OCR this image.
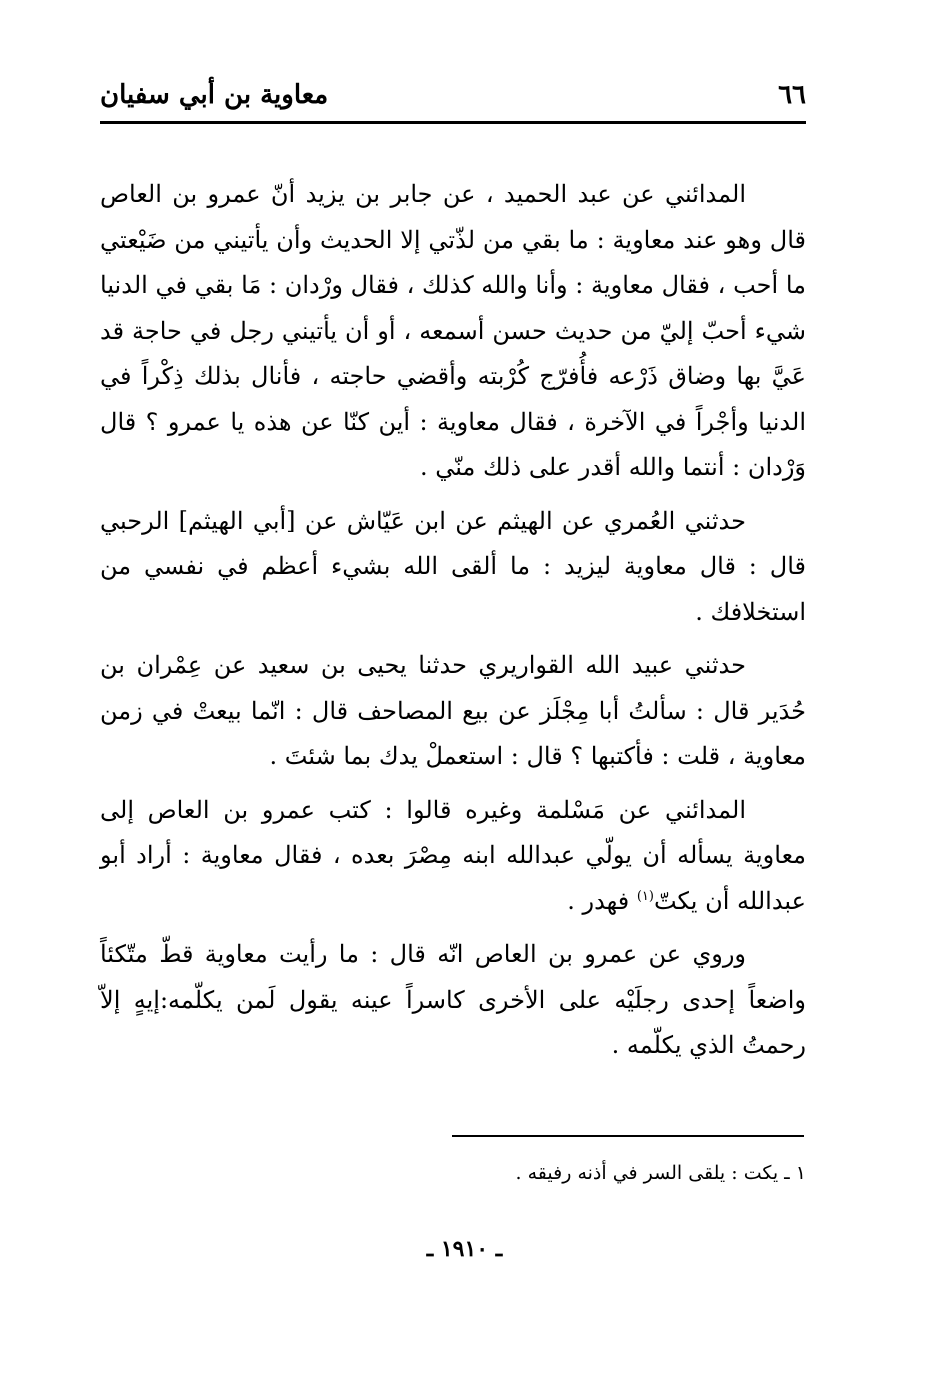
٦٦
معاوية بن أبي سفيان

المدائني عن عبد الحميد ، عن جابر بن يزيد أنّ عمرو بن العاص قال وهو عند معاوية : ما بقي من لذّتي إلا الحديث وأن يأتيني من ضَيْعتي ما أحب ، فقال معاوية : وأنا والله كذلك ، فقال ورْدان : مَا بقي في الدنيا شيء أحبّ إليّ من حديث حسن أسمعه ، أو أن يأتيني رجل في حاجة قد عَيَّ بها وضاق ذَرْعه فأُفرّج كُرْبته وأقضي حاجته ، فأنال بذلك ذِكْراً في الدنيا وأجْراً في الآخرة ، فقال معاوية : أين كنّا عن هذه يا عمرو ؟ قال وَرْدان : أنتما والله أقدر على ذلك منّي .

حدثني العُمري عن الهيثم عن ابن عَيّاش عن [أبي الهيثم] الرحبي قال : قال معاوية ليزيد : ما ألقى الله بشيء أعظم في نفسي من استخلافك .

حدثني عبيد الله القواريري حدثنا يحيى بن سعيد عن عِمْران بن حُدَير قال : سألتُ أبا مِجْلَز عن بيع المصاحف قال : انّما بيعتْ في زمن معاوية ، قلت : فأكتبها ؟ قال : استعملْ يدك بما شئتَ .

المدائني عن مَسْلمة وغيره قالوا : كتب عمرو بن العاص إلى معاوية يسأله أن يولّي عبدالله ابنه مِصْرَ بعده ، فقال معاوية : أراد أبو عبدالله أن يكتّ$^{(١)}$ فهدر .

وروي عن عمرو بن العاص انّه قال : ما رأيت معاوية قطّ متّكئاً واضعاً إحدى رجلَيْه على الأخرى كاسراً عينه يقول لَمن يكلّمه:إيهٍ إلاّ رحمتُ الذي يكلّمه .

١ ـ يكت : يلقى السر في أذنه رفيقه .
ـ ١٩١٠ ـ
